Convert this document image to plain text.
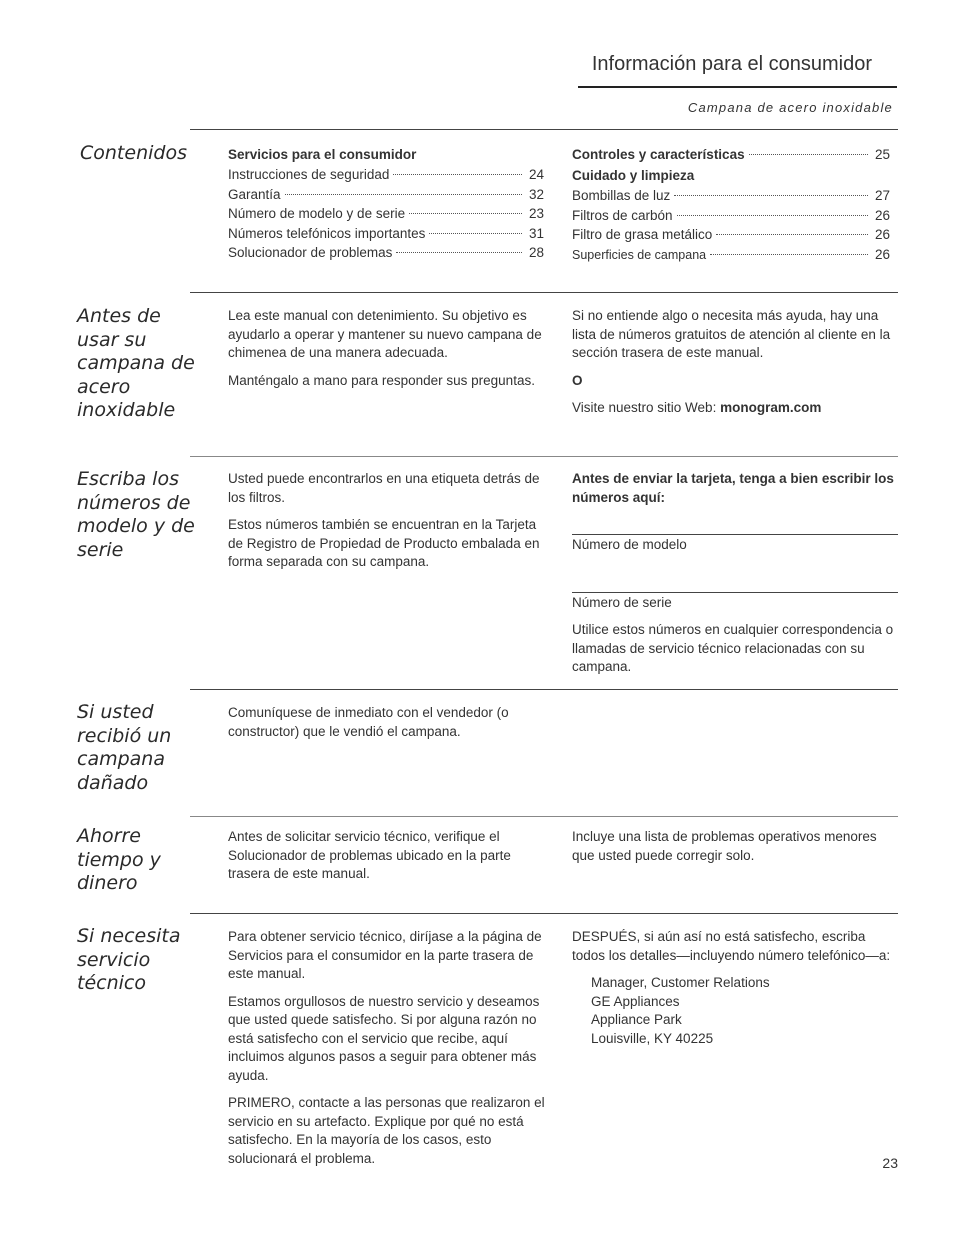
Información para el consumidor
Campana de acero inoxidable
Contenidos	Servicios para el consumidor
Instrucciones de seguridad	24
Garantía	32
Número de modelo y de serie	23
Números telefónicos importantes	31
Solucionador de problemas	28
Controles y características	25
Cuidado y limpieza
Bombillas de luz	27
Filtros de carbón	26
Filtro de grasa metálico	26
Superficies de campana	26
Antes de usar su campana de acero inoxidable

Lea este manual con detenimiento. Su objetivo es ayudarlo a operar y mantener su nuevo campana de chimenea de una manera adecuada.

Manténgalo a mano para responder sus preguntas.

Si no entiende algo o necesita más ayuda, hay una lista de números gratuitos de atención al cliente en la sección trasera de este manual.

O

Visite nuestro sitio Web: monogram.com

Escriba los números de modelo y de serie

Usted puede encontrarlos en una etiqueta detrás de los filtros.

Estos números también se encuentran en la Tarjeta de Registro de Propiedad de Producto embalada en forma separada con su campana.

Antes de enviar la tarjeta, tenga a bien escribir los números aquí:

Número de modelo

Número de serie

Utilice estos números en cualquier correspondencia o llamadas de servicio técnico relacionadas con su campana.

Si usted recibió un campana dañado

Comuníquese de inmediato con el vendedor (o constructor) que le vendió el campana.

Ahorre tiempo y dinero

Antes de solicitar servicio técnico, verifique el Solucionador de problemas ubicado en la parte trasera de este manual.

Incluye una lista de problemas operativos menores que usted puede corregir solo.

Si necesita servicio técnico

Para obtener servicio técnico, diríjase a la página de Servicios para el consumidor en la parte trasera de este manual.

Estamos orgullosos de nuestro servicio y deseamos que usted quede satisfecho. Si por alguna razón no está satisfecho con el servicio que recibe, aquí incluimos algunos pasos a seguir para obtener más ayuda.

PRIMERO, contacte a las personas que realizaron el servicio en su artefacto. Explique por qué no está satisfecho. En la mayoría de los casos, esto solucionará el problema.

DESPUÉS, si aún así no está satisfecho, escriba todos los detalles—incluyendo número telefónico—a:

Manager, Customer Relations

GE Appliances

Appliance Park

Louisville, KY 40225

23
